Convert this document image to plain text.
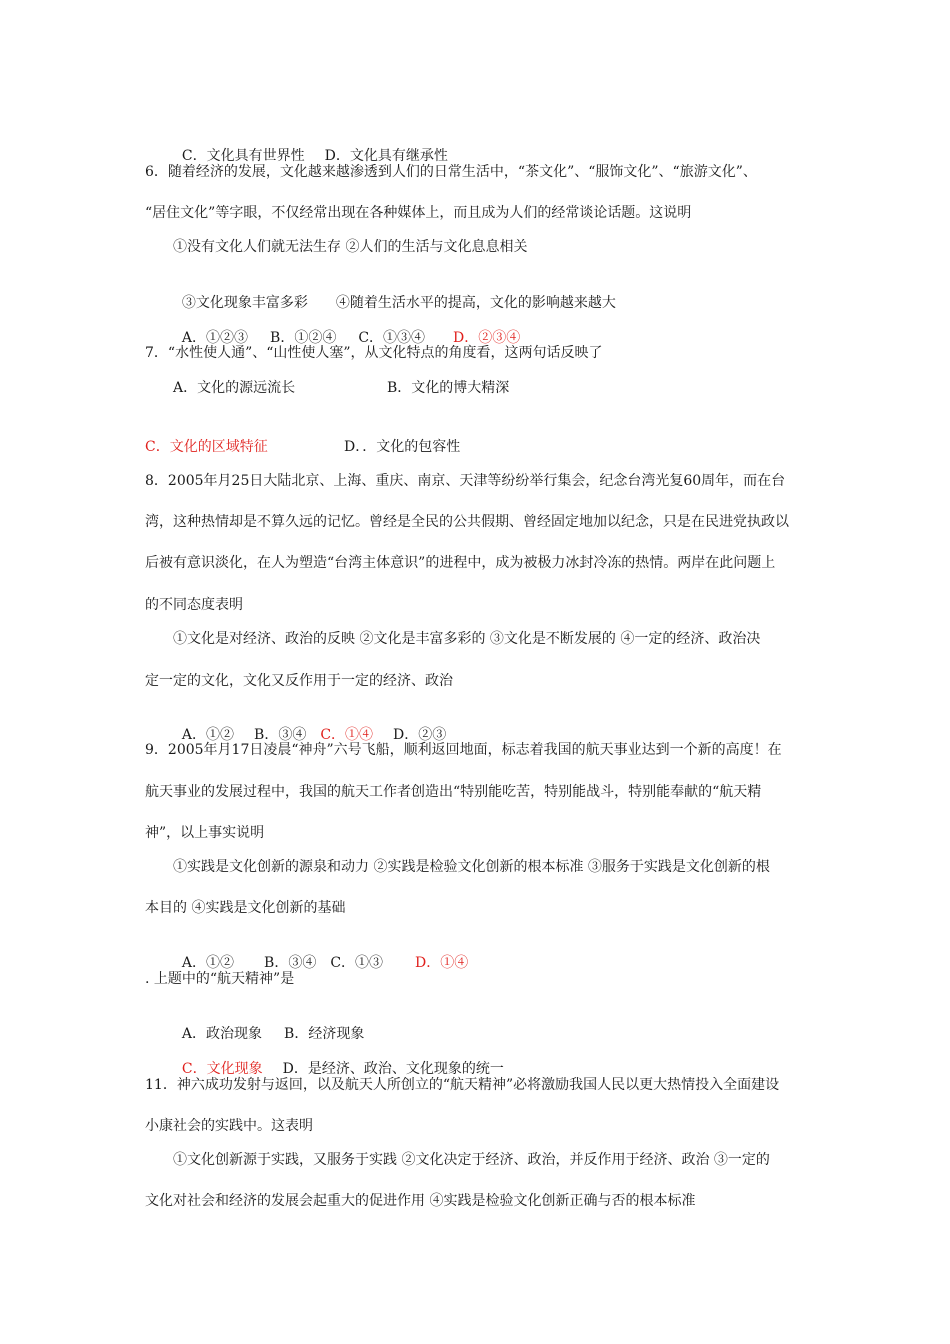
C．文化具有世界性 D．文化具有继承性

6．随着经济的发展，文化越来越渗透到人们的日常生活中，“茶文化”、“服饰文化”、“旅游文化”、
“居住文化”等字眼，不仅经常出现在各种媒体上，而且成为人们的经常谈论话题。这说明
①没有文化人们就无法生存 ②人们的生活与文化息息相关

③文化现象丰富多彩 ④随着生活水平的提高，文化的影响越来越大

A．①②③ B．①②④ C．①③④ D．②③④

7．“水性使人通”、“山性使人塞”，从文化特点的角度看，这两句话反映了
A．文化的源远流长	B．文化的博大精深
C．文化的区域特征	D．．文化的包容性
8．2005年月25日大陆北京、上海、重庆、南京、天津等纷纷举行集会，纪念台湾光复60周年，而在台
湾，这种热情却是不算久远的记忆。曾经是全民的公共假期、曾经固定地加以纪念，只是在民进党执政以
后被有意识淡化，在人为塑造“台湾主体意识”的进程中，成为被极力冰封冷冻的热情。两岸在此问题上
的不同态度表明
①文化是对经济、政治的反映 ②文化是丰富多彩的 ③文化是不断发展的 ④一定的经济、政治决
定一定的文化，文化又反作用于一定的经济、政治

A．①② B．③④ C．①④ D．②③

9．2005年月17日凌晨“神舟”六号飞船，顺利返回地面，标志着我国的航天事业达到一个新的高度！在
航天事业的发展过程中，我国的航天工作者创造出“特别能吃苦，特别能战斗，特别能奉献的“航天精
神”，以上事实说明
①实践是文化创新的源泉和动力 ②实践是检验文化创新的根本标准 ③服务于实践是文化创新的根
本目的 ④实践是文化创新的基础

A．①② B．③④ C．①③ D．①④

. 上题中的“航天精神”是

A．政治现象 B．经济现象

C．文化现象 D．是经济、政治、文化现象的统一

11．神六成功发射与返回，以及航天人所创立的“航天精神”必将激励我国人民以更大热情投入全面建设
小康社会的实践中。这表明
①文化创新源于实践，又服务于实践 ②文化决定于经济、政治，并反作用于经济、政治 ③一定的
文化对社会和经济的发展会起重大的促进作用 ④实践是检验文化创新正确与否的根本标准
